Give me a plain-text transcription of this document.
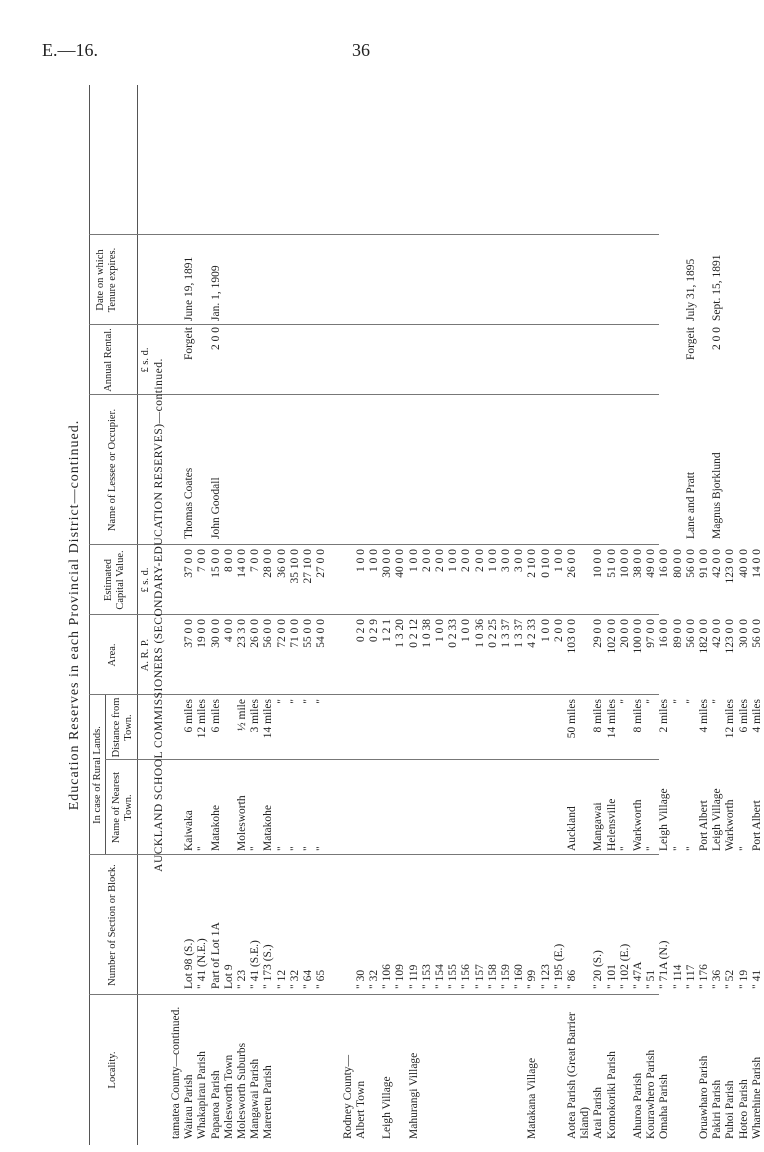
E.—16.	36
Education Reserves in each Provincial District—continued.
Locality.
Number of Section or Block.
In case of Rural Lands. Name of Nearest Town.
Distance from Town.
Area.
Estimated Capital Value.
Name of Lessee or Occupier.
Annual Rental.
Date on which Tenure expires.
A. R. P.
£ s. d.
£ s. d. AUCKLAND SCHOOL COMMISSIONERS (SECONDARY-EDUCATION RESERVES)—continued.
tamatea County—continued. Wairau Parish
Lot 98 (S.)
Kaiwaka
6 miles
37 0 0
37 0 0
Thomas Coates
Forgeit
June 19, 1891
Whakapirau Parish
" 41 (N.E.)
"
12 miles
19 0 0
7 0 0
Paparoa Parish
Part of Lot 1A
Matakohe
6 miles
30 0 0
15 0 0
John Goodall
2 0 0
Jan. 1, 1909
Molesworth Town
Lot 9
4 0 0
8 0 0
Molesworth Suburbs
" 23
Molesworth
½ mile
23 3 0
14 0 0
Mangawai Parish
" 41 (S.E.)
"
3 miles
26 0 0
7 0 0
Mareretu Parish
" 173 (S.)
Matakohe
14 miles
56 0 0
28 0 0
" 12
"
"
72 0 0
36 0 0
" 32
"
"
71 0 0
35 10 0
" 64
"
"
55 0 0
27 10 0
" 65
"
"
54 0 0
27 0 0
Rodney County— Albert Town
" 30
0 2 0
1 0 0
" 32
0 2 9
1 0 0
Leigh Village
" 106
1 2 1
30 0 0
" 109
1 3 20
40 0 0
Mahurangi Village
" 119
0 2 12
1 0 0
" 153
1 0 38
2 0 0
" 154
1 0 0
2 0 0
" 155
0 2 33
1 0 0
" 156
1 0 0
2 0 0
" 157
1 0 36
2 0 0
" 158
0 2 25
1 0 0
" 159
1 3 37
3 0 0
" 160
1 3 37
3 0 0
Matakana Village
" 99
4 2 33
2 10 0
" 123
1 0 0
0 10 0
" 195 (E.)
2 0 0
1 0 0
Aotea Parish (Great Barrier
" 86
Auckland
50 miles
103 0 0
26 0 0
Island) Arai Parish
" 20 (S.)
Mangawai
8 miles
29 0 0
10 0 0
Komokoriki Parish
" 101
Helensville
14 miles
102 0 0
51 0 0
" 102 (E.)
"
"
20 0 0
10 0 0
Ahuroa Parish
" 47A
Warkworth
8 miles
100 0 0
38 0 0
Kourawhero Parish
" 51
"
"
97 0 0
49 0 0
Omaha Parish
" 71A (N.)
Leigh Village
2 miles
16 0 0
16 0 0
" 114
"
"
89 0 0
80 0 0
" 117
"
"
56 0 0
56 0 0
Lane and Pratt
Forgeit
July 31, 1895
Oruawharo Parish
" 176
Port Albert
4 miles
182 0 0
91 0 0
Pakiri Parish
" 36
Leigh Village
"
42 0 0
42 0 0
Magnus Bjorklund
2 0 0
Sept. 15, 1891
Puhoi Parish
" 52
Warkworth
12 miles
123 0 0
123 0 0
Hoteo Parish
" 19
"
6 miles
30 0 0
40 0 0
Wharehine Parish
" 41
Port Albert
4 miles
56 0 0
14 0 0
